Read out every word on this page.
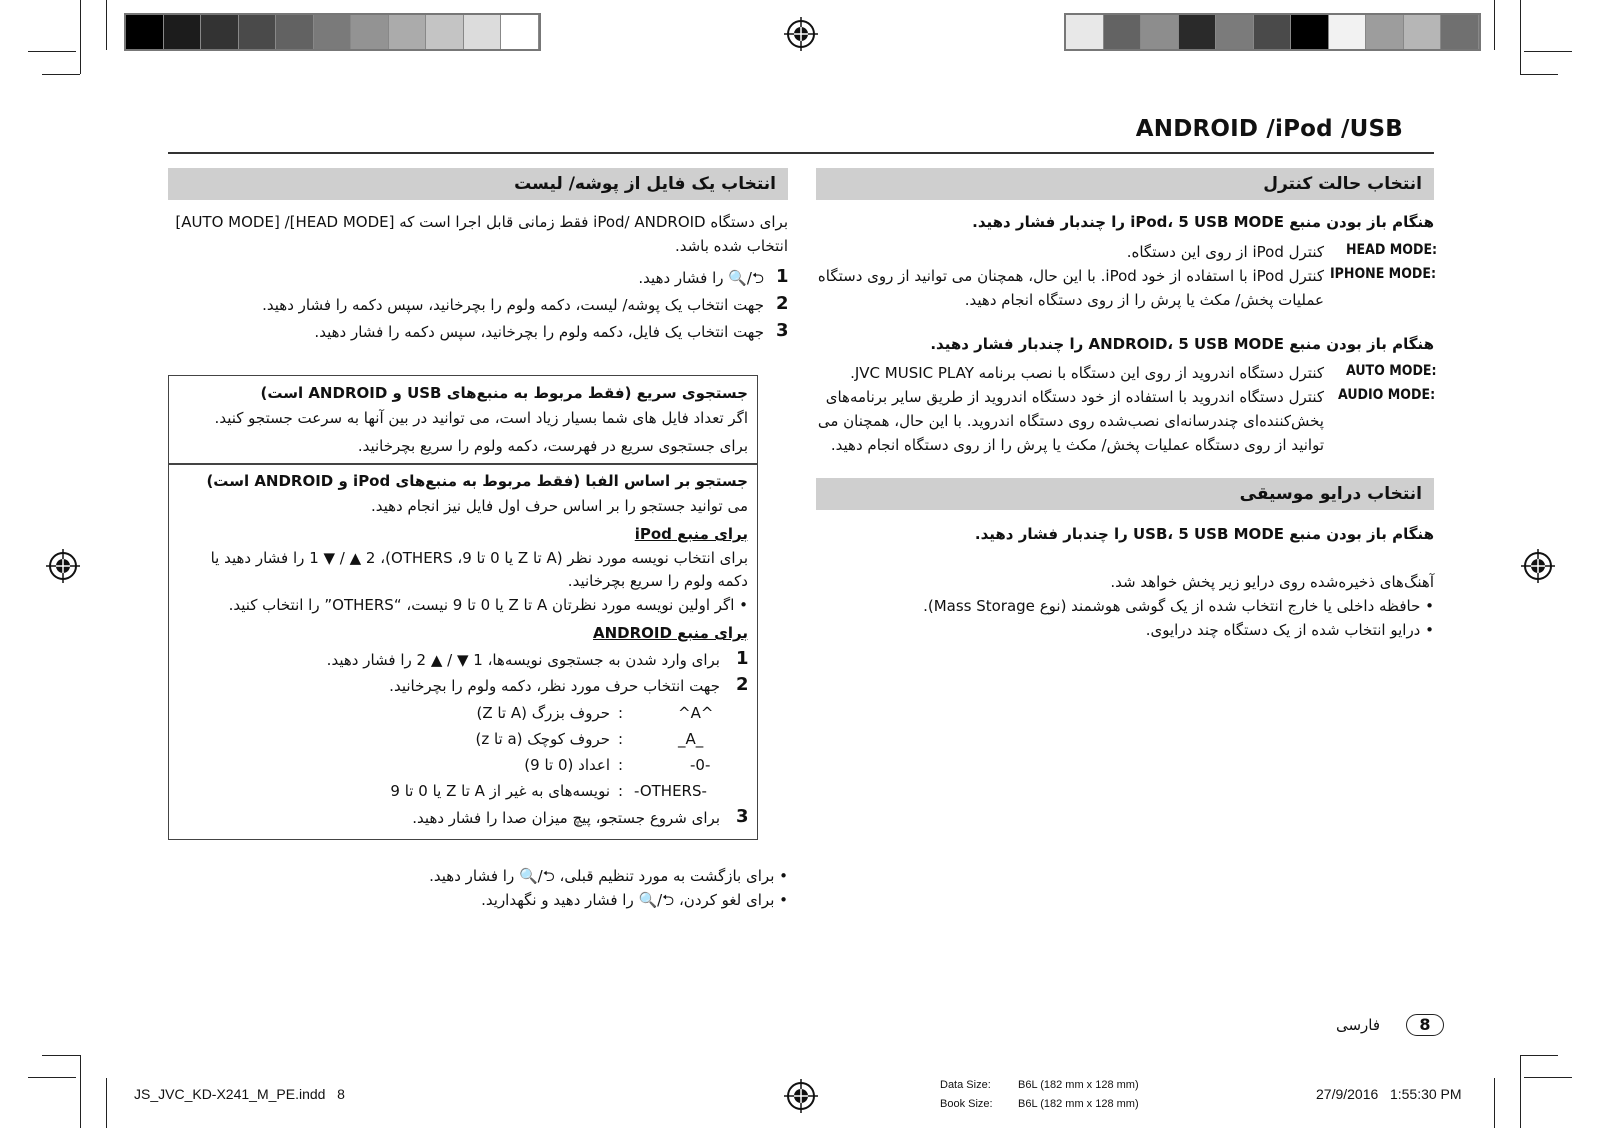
ANDROID /iPod /USB
انتخاب یک فایل از پوشه/ لیست
برای دستگاه iPod/ ANDROID فقط زمانی قابل اجرا است که [HEAD MODE]/ [AUTO MODE] انتخاب شده باشد.
1
⮌/🔍 را فشار دهید.
2
جهت انتخاب یک پوشه/ لیست، دکمه ولوم را بچرخانید، سپس دکمه را فشار دهید.
3
جهت انتخاب یک فایل، دکمه ولوم را بچرخانید، سپس دکمه را فشار دهید.
جستجوی سریع (فقط مربوط به منبع‌های USB و ANDROID است)
اگر تعداد فایل های شما بسیار زیاد است، می توانید در بین آنها به سرعت جستجو کنید.
برای جستجوی سریع در فهرست، دکمه ولوم را سریع بچرخانید.
جستجو بر اساس الفبا (فقط مربوط به منبع‌های iPod و ANDROID است)
می توانید جستجو را بر اساس حرف اول فایل نیز انجام دهید.
برای منبع iPod
برای انتخاب نویسه مورد نظر (A تا Z یا 0 تا 9، OTHERS)، 1 ▼ / ▲ 2 را فشار دهید یا
دکمه ولوم را سریع بچرخانید.
• اگر اولین نویسه مورد نظرتان A تا Z یا 0 تا 9 نیست، “OTHERS” را انتخاب کنید.
برای منبع ANDROID
1
برای وارد شدن به جستجوی نویسه‌ها، 1 ▼ / ▲ 2 را فشار دهید.
2
جهت انتخاب حرف مورد نظر، دکمه ولوم را بچرخانید.
^A^
:
حروف بزرگ (A تا Z)
_A_
:
حروف کوچک (a تا z)
-0-
:
اعداد (0 تا 9)
-OTHERS-
:
نویسه‌های به غیر از A تا Z یا 0 تا 9
3
برای شروع جستجو، پیچ میزان صدا را فشار دهید.
• برای بازگشت به مورد تنظیم قبلی، ⮌/🔍 را فشار دهید.
• برای لغو کردن، ⮌/🔍 را فشار دهید و نگهدارید.
انتخاب حالت کنترل
هنگام باز بودن منبع iPod، 5 USB MODE را چندبار فشار دهید.
HEAD MODE:
کنترل iPod از روی این دستگاه.
IPHONE MODE:
کنترل iPod با استفاده از خود iPod. با این حال، همچنان می توانید از روی دستگاه
عملیات پخش/ مکث یا پرش را از روی دستگاه انجام دهید.
هنگام باز بودن منبع ANDROID، 5 USB MODE را چندبار فشار دهید.
AUTO MODE:
کنترل دستگاه اندروید از روی این دستگاه با نصب برنامه JVC MUSIC PLAY.
AUDIO MODE:
کنترل دستگاه اندروید با استفاده از خود دستگاه اندروید از طریق سایر برنامه‌های
پخش‌کننده‌ای چندرسانه‌ای نصب‌شده روی دستگاه اندروید. با این حال، همچنان می
توانید از روی دستگاه عملیات پخش/ مکث یا پرش را از روی دستگاه انجام دهید.
انتخاب درایو موسیقی
هنگام باز بودن منبع USB، 5 USB MODE را چندبار فشار دهید.
آهنگ‌های ذخیره‌شده روی درایو زیر پخش خواهد شد.
• حافظه داخلی یا خارج انتخاب شده از یک گوشی هوشمند (نوع Mass Storage).
• درایو انتخاب شده از یک دستگاه چند درایوی.
8
فارسی
JS_JVC_KD-X241_M_PE.indd   8
Data Size: B6L (182 mm x 128 mm)
Book Size: B6L (182 mm x 128 mm)
27/9/2016   1:55:30 PM
